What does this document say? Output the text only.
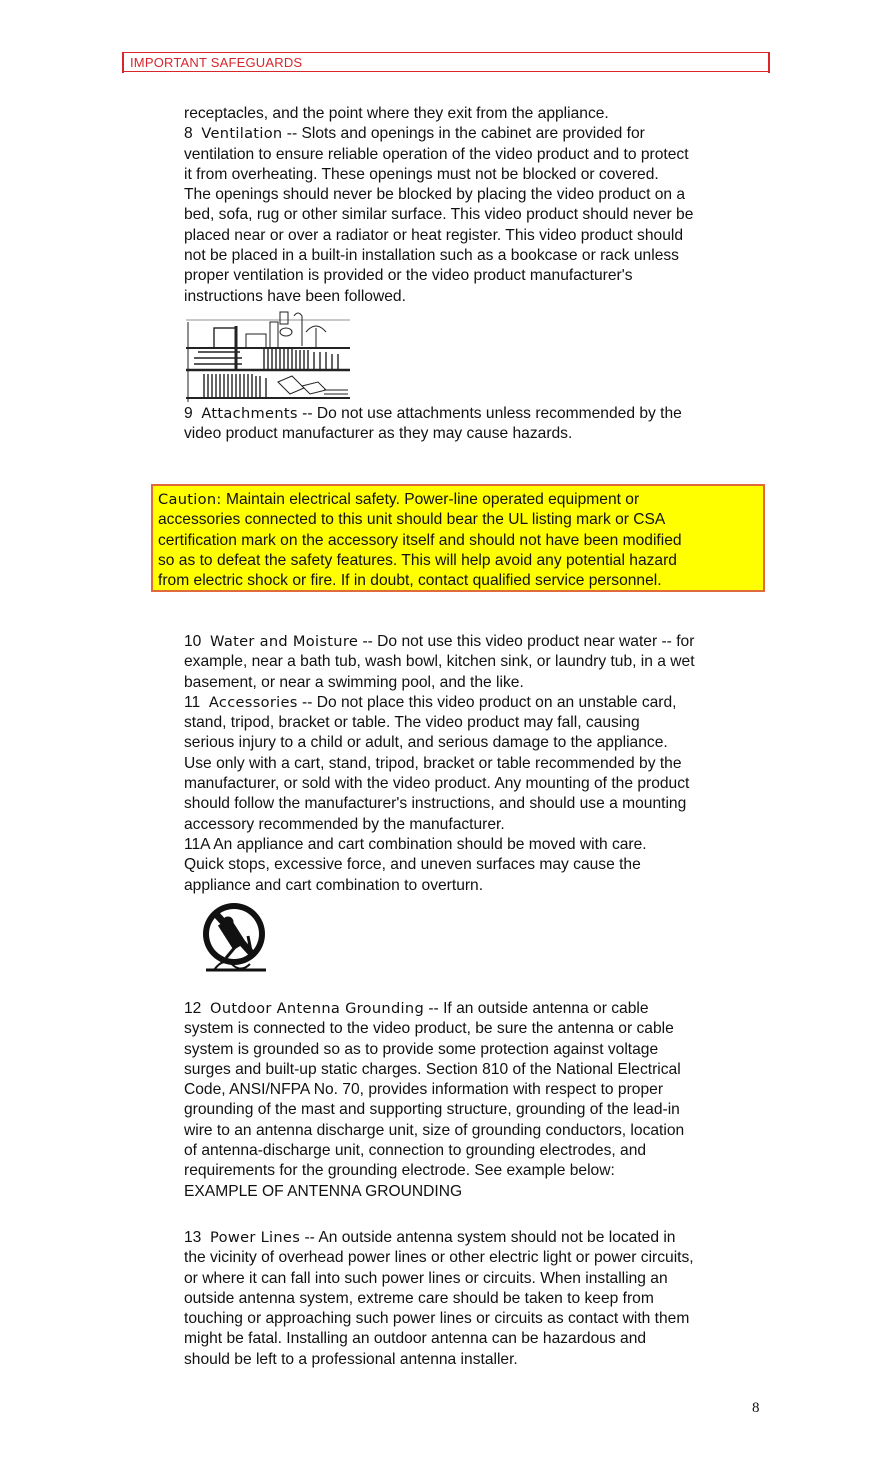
IMPORTANT SAFEGUARDS

receptacles, and the point where they exit from the appliance.

8 Ventilation -- Slots and openings in the cabinet are provided for

ventilation to ensure reliable operation of the video product and to protect

it from overheating. These openings must not be blocked or covered.

The openings should never be blocked by placing the video product on a

bed, sofa, rug or other similar surface. This video product should never be

placed near or over a radiator or heat register. This video product should

not be placed in a built-in installation such as a bookcase or rack unless

proper ventilation is provided or the video product manufacturer's

instructions have been followed.

9 Attachments -- Do not use attachments unless recommended by the

video product manufacturer as they may cause hazards.

Caution: Maintain electrical safety. Power-line operated equipment or

accessories connected to this unit should bear the UL listing mark or CSA

certification mark on the accessory itself and should not have been modified

so as to defeat the safety features. This will help avoid any potential hazard

from electric shock or fire. If in doubt, contact qualified service personnel.

10 Water and Moisture -- Do not use this video product near water -- for

example, near a bath tub, wash bowl, kitchen sink, or laundry tub, in a wet

basement, or near a swimming pool, and the like.

11 Accessories -- Do not place this video product on an unstable card,

stand, tripod, bracket or table. The video product may fall, causing

serious injury to a child or adult, and serious damage to the appliance.

Use only with a cart, stand, tripod, bracket or table recommended by the

manufacturer, or sold with the video product. Any mounting of the product

should follow the manufacturer's instructions, and should use a mounting

accessory recommended by the manufacturer.

11A An appliance and cart combination should be moved with care.

Quick stops, excessive force, and uneven surfaces may cause the

appliance and cart combination to overturn.

12 Outdoor Antenna Grounding -- If an outside antenna or cable

system is connected to the video product, be sure the antenna or cable

system is grounded so as to provide some protection against voltage

surges and built-up static charges. Section 810 of the National Electrical

Code, ANSI/NFPA No. 70, provides information with respect to proper

grounding of the mast and supporting structure, grounding of the lead-in

wire to an antenna discharge unit, size of grounding conductors, location

of antenna-discharge unit, connection to grounding electrodes, and

requirements for the grounding electrode. See example below:

EXAMPLE OF ANTENNA GROUNDING

13 Power Lines -- An outside antenna system should not be located in

the vicinity of overhead power lines or other electric light or power circuits,

or where it can fall into such power lines or circuits. When installing an

outside antenna system, extreme care should be taken to keep from

touching or approaching such power lines or circuits as contact with them

might be fatal. Installing an outdoor antenna can be hazardous and

should be left to a professional antenna installer.

8
